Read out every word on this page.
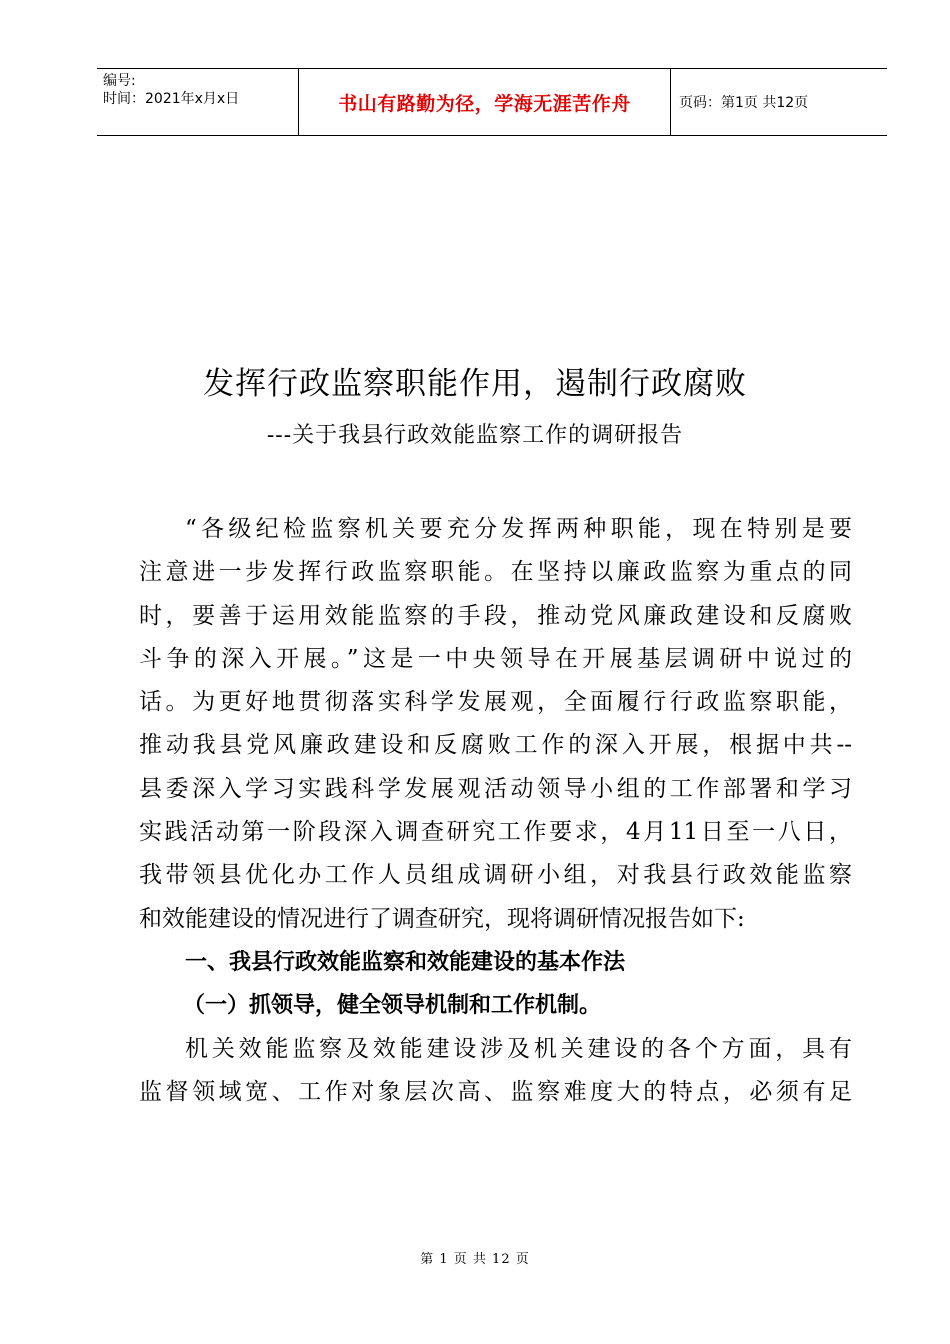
编号:
时间：2021年x月x日	书山有路勤为径，学海无涯苦作舟	页码：第1页 共12页
发挥行政监察职能作用，遏制行政腐败
---关于我县行政效能监察工作的调研报告
“各级纪检监察机关要充分发挥两种职能，现在特别是要
注意进一步发挥行政监察职能。在坚持以廉政监察为重点的同
时，要善于运用效能监察的手段，推动党风廉政建设和反腐败
斗争的深入开展。”这是一中央领导在开展基层调研中说过的
话。为更好地贯彻落实科学发展观，全面履行行政监察职能，
推动我县党风廉政建设和反腐败工作的深入开展，根据中共--
县委深入学习实践科学发展观活动领导小组的工作部署和学习
实践活动第一阶段深入调查研究工作要求，4月11日至一八日，
我带领县优化办工作人员组成调研小组，对我县行政效能监察
和效能建设的情况进行了调查研究，现将调研情况报告如下:
一、我县行政效能监察和效能建设的基本作法
（一）抓领导，健全领导机制和工作机制。
机关效能监察及效能建设涉及机关建设的各个方面，具有
监督领域宽、工作对象层次高、监察难度大的特点，必须有足
第 1 页 共 12 页
